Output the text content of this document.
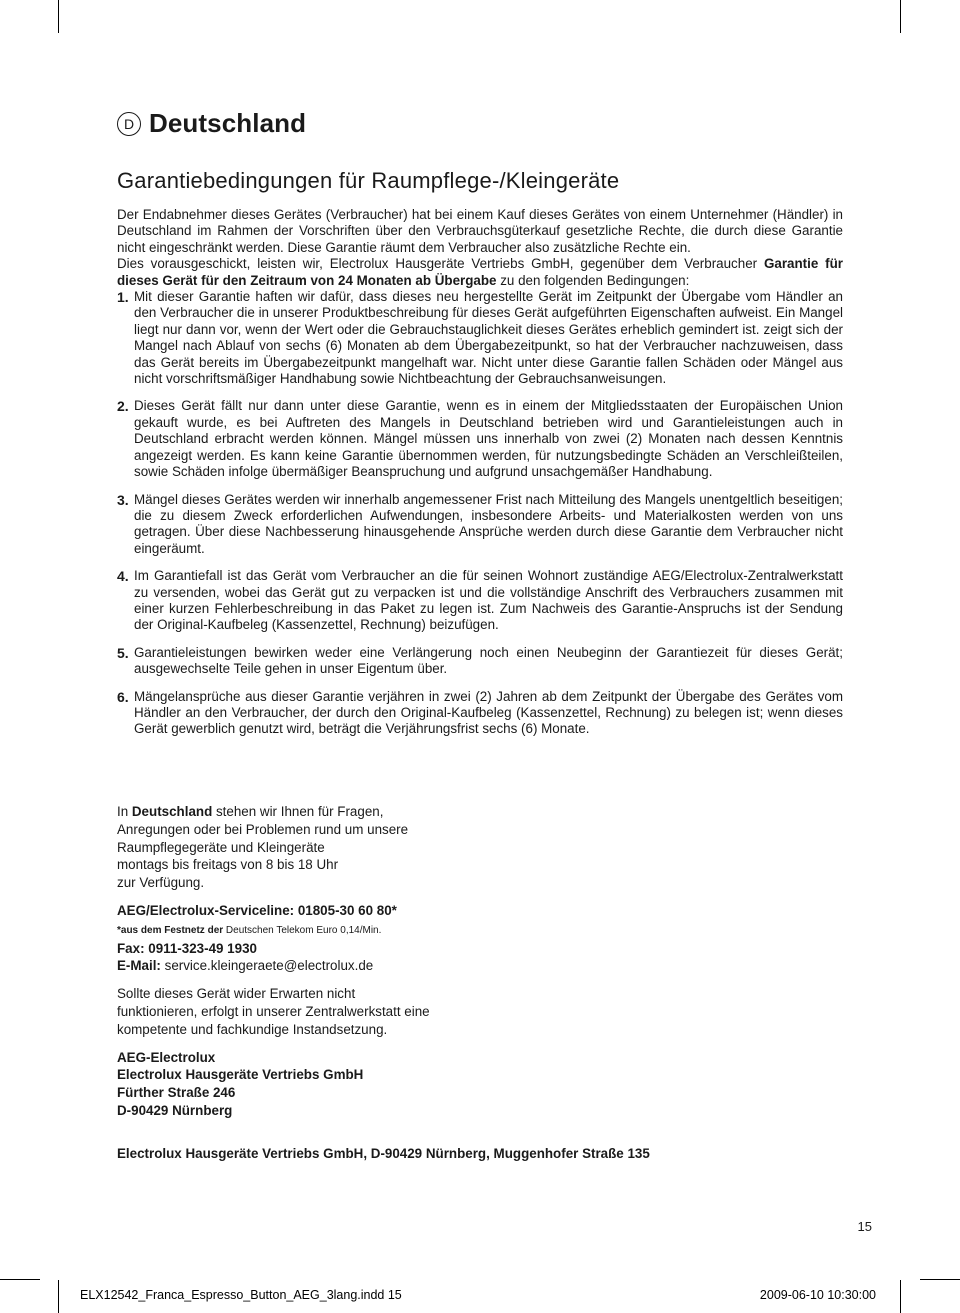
D Deutschland
Garantiebedingungen für Raumpflege-/Kleingeräte

Der Endabnehmer dieses Gerätes (Verbraucher) hat bei einem Kauf dieses Gerätes von einem Unternehmer (Händler) in Deutschland im Rahmen der Vorschriften über den Verbrauchsgüterkauf gesetzliche Rechte, die durch diese Garantie nicht eingeschränkt werden. Diese Garantie räumt dem Verbraucher also zusätzliche Rechte ein.

Dies vorausgeschickt, leisten wir, Electrolux Hausgeräte Vertriebs GmbH, gegenüber dem Verbraucher Garantie für dieses Gerät für den Zeitraum von 24 Monaten ab Übergabe zu den folgenden Bedingungen:

1. Mit dieser Garantie haften wir dafür, dass dieses neu hergestellte Gerät im Zeitpunkt der Übergabe vom Händler an den Verbraucher die in unserer Produktbeschreibung für dieses Gerät aufgeführten Eigenschaften aufweist. Ein Mangel liegt nur dann vor, wenn der Wert oder die Gebrauchstauglichkeit dieses Gerätes erheblich gemindert ist. zeigt sich der Mangel nach Ablauf von sechs (6) Monaten ab dem Übergabezeitpunkt, so hat der Verbraucher nachzuweisen, dass das Gerät bereits im Übergabezeitpunkt mangelhaft war. Nicht unter diese Garantie fallen Schäden oder Mängel aus nicht vorschriftsmäßiger Handhabung sowie Nichtbeachtung der Gebrauchsanweisungen.
2. Dieses Gerät fällt nur dann unter diese Garantie, wenn es in einem der Mitgliedsstaaten der Europäischen Union gekauft wurde, es bei Auftreten des Mangels in Deutschland betrieben wird und Garantieleistungen auch in Deutschland erbracht werden können. Mängel müssen uns innerhalb von zwei (2) Monaten nach dessen Kenntnis angezeigt werden. Es kann keine Garantie übernommen werden, für nutzungsbedingte Schäden an Verschleißteilen, sowie Schäden infolge übermäßiger Beanspruchung und aufgrund unsachgemäßer Handhabung.
3. Mängel dieses Gerätes werden wir innerhalb angemessener Frist nach Mitteilung des Mangels unentgeltlich beseitigen; die zu diesem Zweck erforderlichen Aufwendungen, insbesondere Arbeits- und Materialkosten werden von uns getragen. Über diese Nachbesserung hinausgehende Ansprüche werden durch diese Garantie dem Verbraucher nicht eingeräumt.
4. Im Garantiefall ist das Gerät vom Verbraucher an die für seinen Wohnort zuständige AEG/Electrolux-Zentralwerkstatt zu versenden, wobei das Gerät gut zu verpacken ist und die vollständige Anschrift des Verbrauchers zusammen mit einer kurzen Fehlerbeschreibung in das Paket zu legen ist. Zum Nachweis des Garantie-Anspruchs ist der Sendung der Original-Kaufbeleg (Kassenzettel, Rechnung) beizufügen.
5. Garantieleistungen bewirken weder eine Verlängerung noch einen Neubeginn der Garantiezeit für dieses Gerät; ausgewechselte Teile gehen in unser Eigentum über.
6. Mängelansprüche aus dieser Garantie verjähren in zwei (2) Jahren ab dem Zeitpunkt der Übergabe des Gerätes vom Händler an den Verbraucher, der durch den Original-Kaufbeleg (Kassenzettel, Rechnung) zu belegen ist; wenn dieses Gerät gewerblich genutzt wird, beträgt die Verjährungsfrist sechs (6) Monate.

In Deutschland stehen wir Ihnen für Fragen,

Anregungen oder bei Problemen rund um unsere

Raumpflegegeräte und Kleingeräte

montags bis freitags von 8 bis 18 Uhr

zur Verfügung.

AEG/Electrolux-Serviceline: 01805-30 60 80*

*aus dem Festnetz der Deutschen Telekom Euro 0,14/Min.

Fax: 0911-323-49 1930

E-Mail: service.kleingeraete@electrolux.de

Sollte dieses Gerät wider Erwarten nicht

funktionieren, erfolgt in unserer Zentralwerkstatt eine

kompetente und fachkundige Instandsetzung.

AEG-Electrolux

Electrolux Hausgeräte Vertriebs GmbH

Fürther Straße 246

D-90429 Nürnberg

Electrolux Hausgeräte Vertriebs GmbH, D-90429 Nürnberg, Muggenhofer Straße 135
15
ELX12542_Franca_Espresso_Button_AEG_3lang.indd 15	2009-06-10 10:30:00
